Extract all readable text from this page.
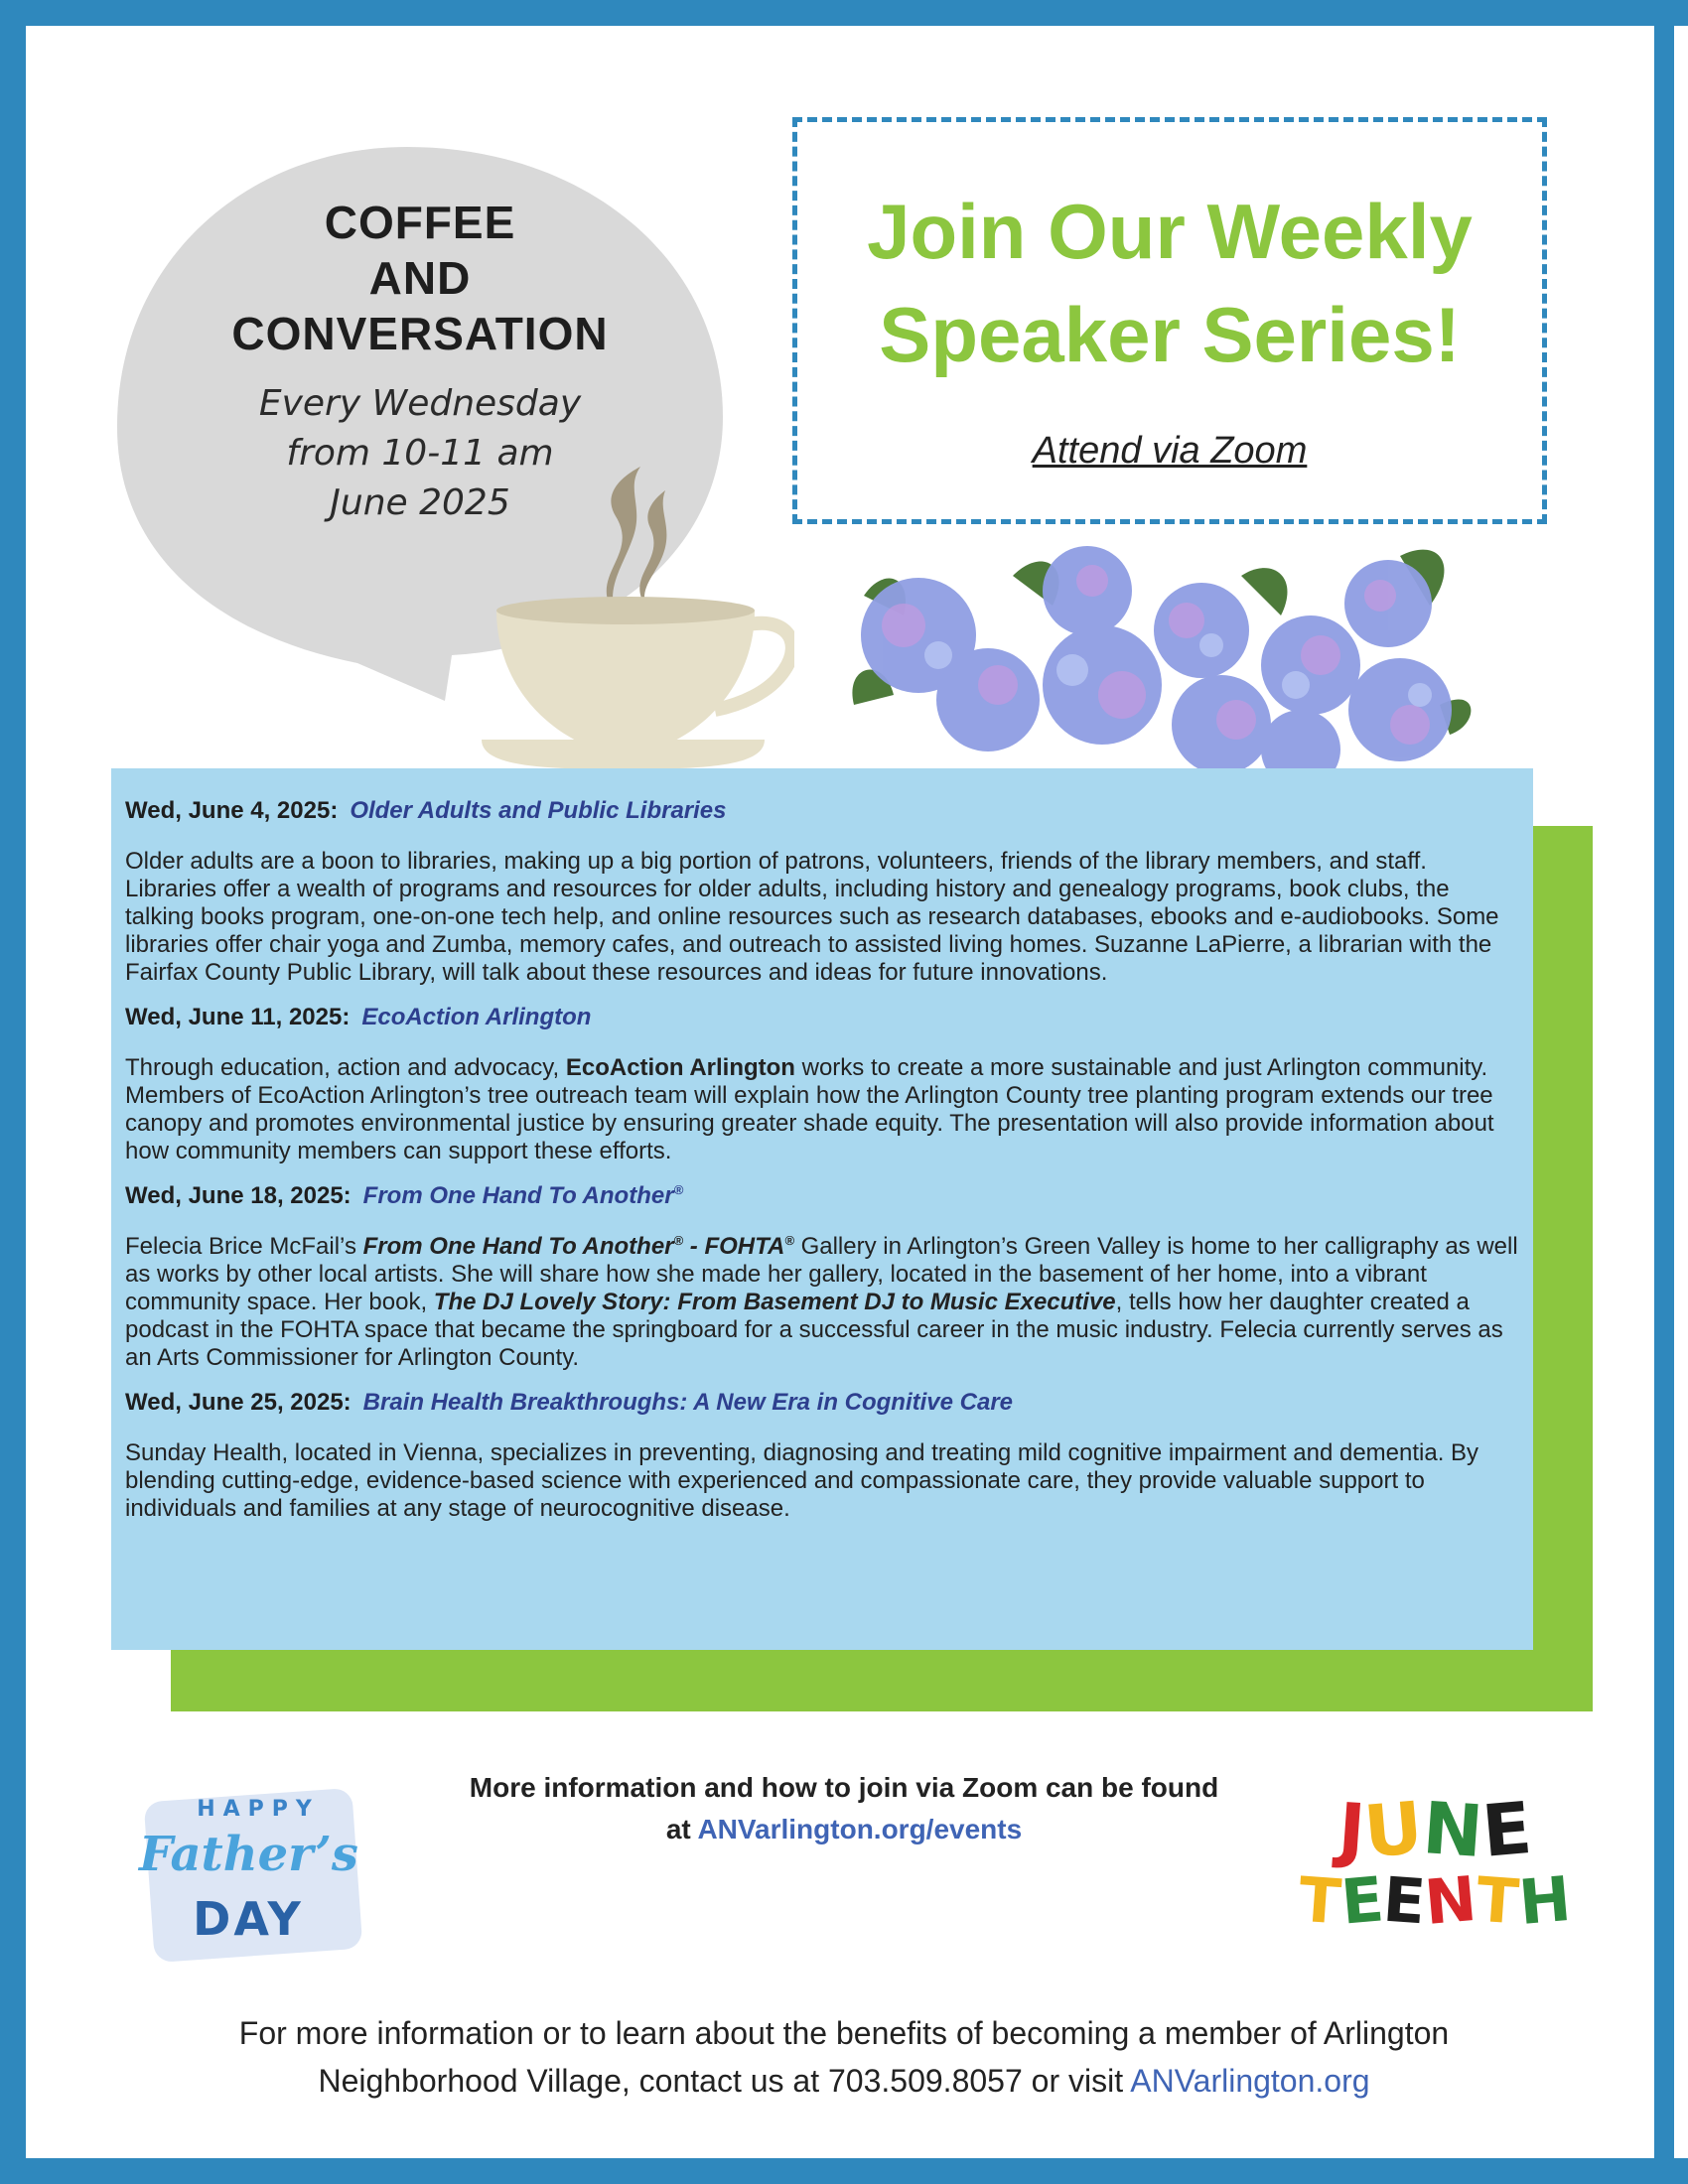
COFFEE
AND
CONVERSATION
Every Wednesday
from 10-11 am
June 2025
Join Our Weekly
Speaker Series!
Attend via Zoom
Wed, June 4, 2025: Older Adults and Public Libraries
Older adults are a boon to libraries, making up a big portion of patrons, volunteers, friends of the library members, and staff. Libraries offer a wealth of programs and resources for older adults, including history and genealogy programs, book clubs, the talking books program, one-on-one tech help, and online resources such as research databases, ebooks and e-audiobooks. Some libraries offer chair yoga and Zumba, memory cafes, and outreach to assisted living homes. Suzanne LaPierre, a librarian with the Fairfax County Public Library, will talk about these resources and ideas for future innovations.
Wed, June 11, 2025: EcoAction Arlington
Through education, action and advocacy, EcoAction Arlington works to create a more sustainable and just Arlington community. Members of EcoAction Arlington’s tree outreach team will explain how the Arlington County tree planting program extends our tree canopy and promotes environmental justice by ensuring greater shade equity. The presentation will also provide information about how community members can support these efforts.
Wed, June 18, 2025: From One Hand To Another®
Felecia Brice McFail’s From One Hand To Another® - FOHTA® Gallery in Arlington’s Green Valley is home to her calligraphy as well as works by other local artists. She will share how she made her gallery, located in the basement of her home, into a vibrant community space. Her book, The DJ Lovely Story: From Basement DJ to Music Executive, tells how her daughter created a podcast in the FOHTA space that became the springboard for a successful career in the music industry. Felecia currently serves as an Arts Commissioner for Arlington County.
Wed, June 25, 2025: Brain Health Breakthroughs: A New Era in Cognitive Care
Sunday Health, located in Vienna, specializes in preventing, diagnosing and treating mild cognitive impairment and dementia. By blending cutting-edge, evidence-based science with experienced and compassionate care, they provide valuable support to individuals and families at any stage of neurocognitive disease.
More information and how to join via Zoom can be found
at ANVarlington.org/events
HAPPY
Father’s
DAY
J
U
N
E
T
E
E
N
T
H
For more information or to learn about the benefits of becoming a member of Arlington
Neighborhood Village, contact us at 703.509.8057 or visit ANVarlington.org
